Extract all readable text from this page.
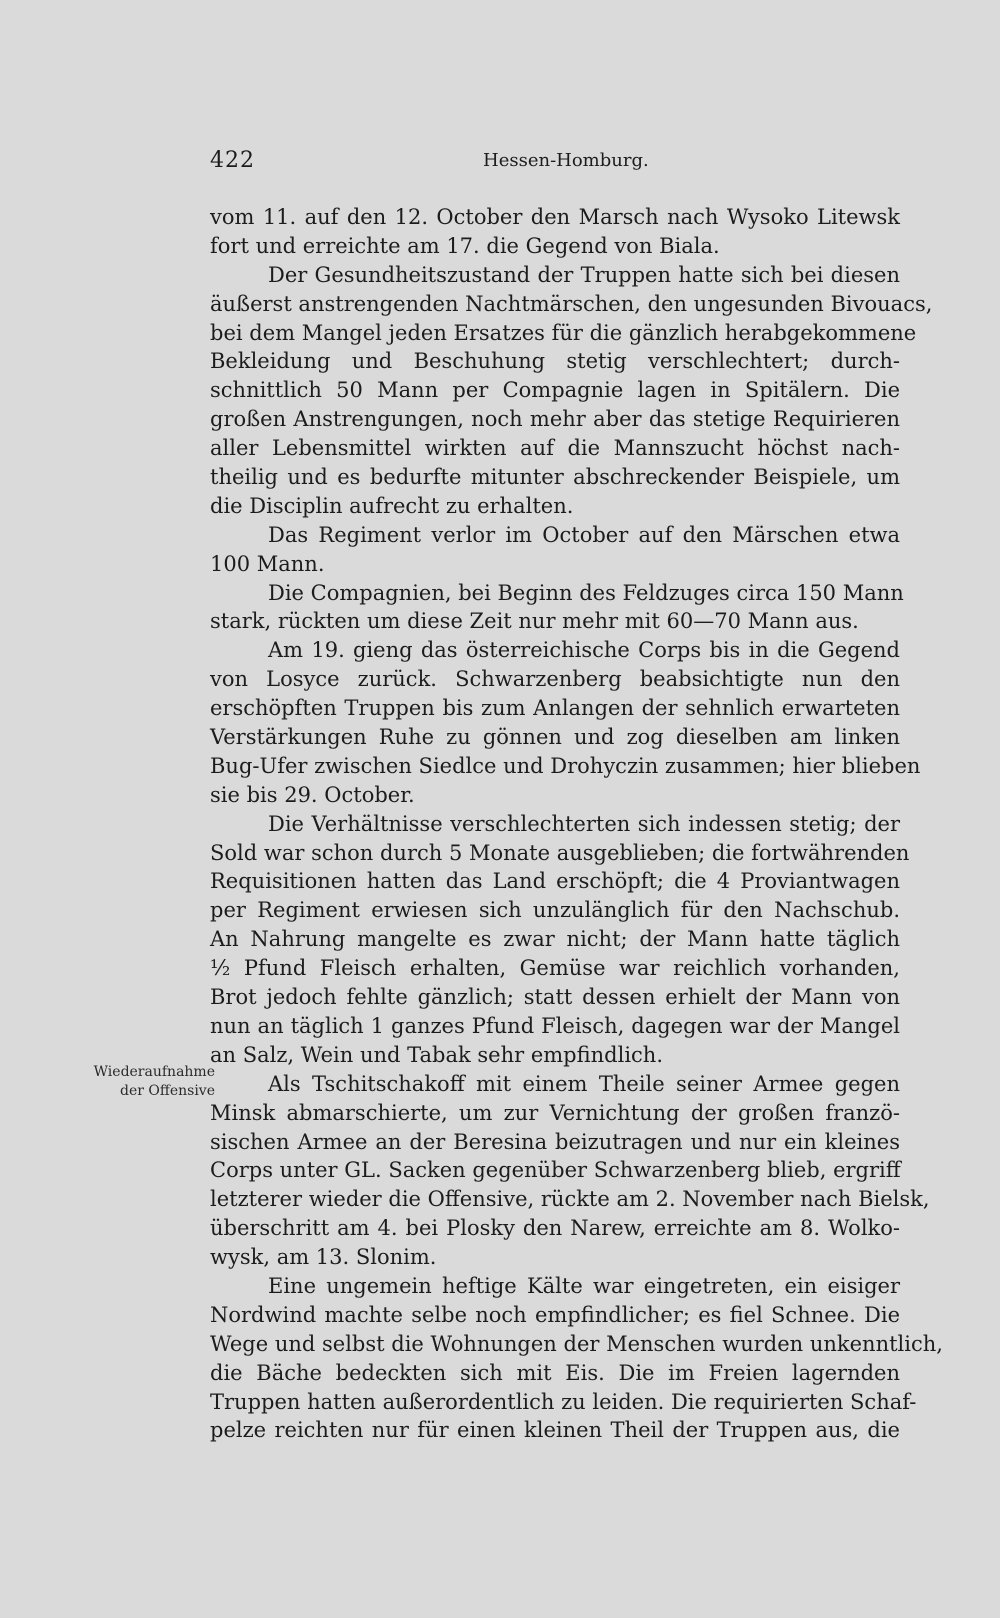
422	Hessen-Homburg.
Wiederaufnahme
der Offensive
vom 11. auf den 12. October den Marsch nach Wysoko Litewsk
fort und erreichte am 17. die Gegend von Biala.
Der Gesundheitszustand der Truppen hatte sich bei diesen
äußerst anstrengenden Nachtmärschen, den ungesunden Bivouacs,
bei dem Mangel jeden Ersatzes für die gänzlich herabgekommene
Bekleidung und Beschuhung stetig verschlechtert; durch-
schnittlich 50 Mann per Compagnie lagen in Spitälern. Die
großen Anstrengungen, noch mehr aber das stetige Requirieren
aller Lebensmittel wirkten auf die Mannszucht höchst nach-
theilig und es bedurfte mitunter abschreckender Beispiele, um
die Disciplin aufrecht zu erhalten.
Das Regiment verlor im October auf den Märschen etwa
100 Mann.
Die Compagnien, bei Beginn des Feldzuges circa 150 Mann
stark, rückten um diese Zeit nur mehr mit 60—70 Mann aus.
Am 19. gieng das österreichische Corps bis in die Gegend
von Losyce zurück. Schwarzenberg beabsichtigte nun den
erschöpften Truppen bis zum Anlangen der sehnlich erwarteten
Verstärkungen Ruhe zu gönnen und zog dieselben am linken
Bug-Ufer zwischen Siedlce und Drohyczin zusammen; hier blieben
sie bis 29. October.
Die Verhältnisse verschlechterten sich indessen stetig; der
Sold war schon durch 5 Monate ausgeblieben; die fortwährenden
Requisitionen hatten das Land erschöpft; die 4 Proviantwagen
per Regiment erwiesen sich unzulänglich für den Nachschub.
An Nahrung mangelte es zwar nicht; der Mann hatte täglich
½ Pfund Fleisch erhalten, Gemüse war reichlich vorhanden,
Brot jedoch fehlte gänzlich; statt dessen erhielt der Mann von
nun an täglich 1 ganzes Pfund Fleisch, dagegen war der Mangel
an Salz, Wein und Tabak sehr empfindlich.
Als Tschitschakoff mit einem Theile seiner Armee gegen
Minsk abmarschierte, um zur Vernichtung der großen franzö-
sischen Armee an der Beresina beizutragen und nur ein kleines
Corps unter GL. Sacken gegenüber Schwarzenberg blieb, ergriff
letzterer wieder die Offensive, rückte am 2. November nach Bielsk,
überschritt am 4. bei Plosky den Narew, erreichte am 8. Wolko-
wysk, am 13. Slonim.
Eine ungemein heftige Kälte war eingetreten, ein eisiger
Nordwind machte selbe noch empfindlicher; es fiel Schnee. Die
Wege und selbst die Wohnungen der Menschen wurden unkenntlich,
die Bäche bedeckten sich mit Eis. Die im Freien lagernden
Truppen hatten außerordentlich zu leiden. Die requirierten Schaf-
pelze reichten nur für einen kleinen Theil der Truppen aus, die
